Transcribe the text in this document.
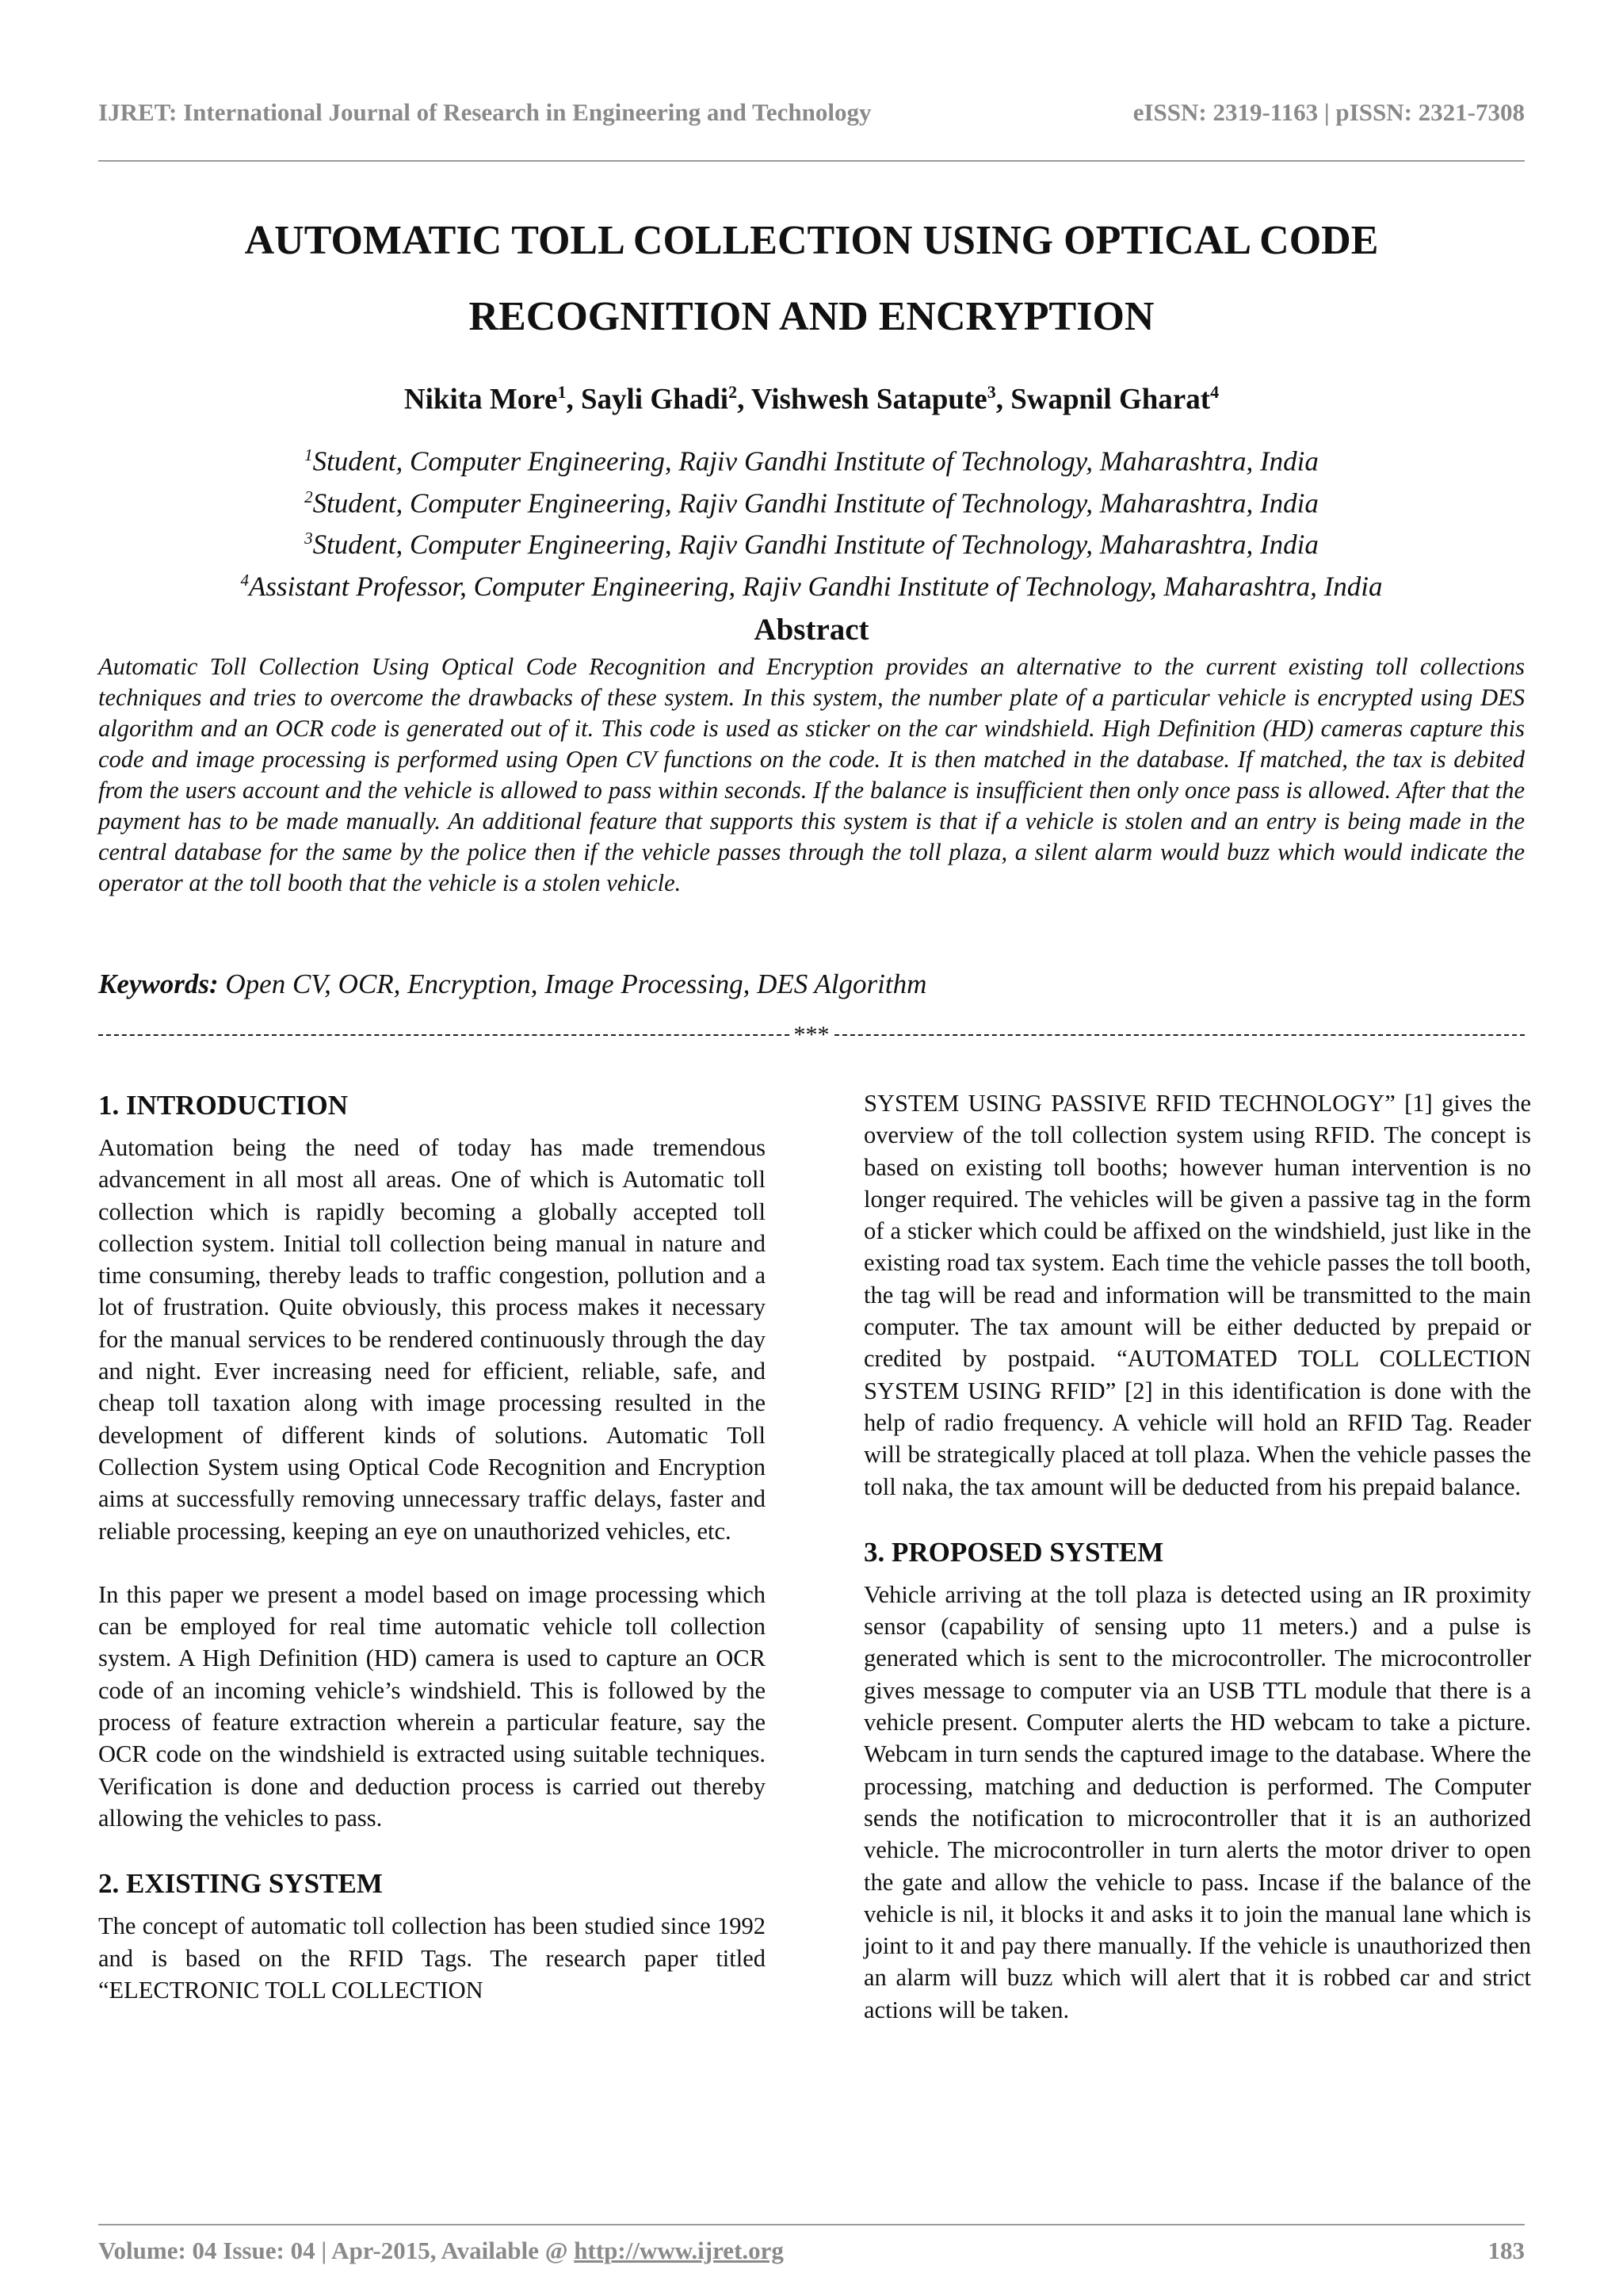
IJRET: International Journal of Research in Engineering and Technology	eISSN: 2319-1163 | pISSN: 2321-7308
AUTOMATIC TOLL COLLECTION USING OPTICAL CODE
RECOGNITION AND ENCRYPTION
Nikita More$^1$, Sayli Ghadi$^2$, Vishwesh Satapute$^3$, Swapnil Gharat$^4$
$^1$Student, Computer Engineering, Rajiv Gandhi Institute of Technology, Maharashtra, India
$^2$Student, Computer Engineering, Rajiv Gandhi Institute of Technology, Maharashtra, India
$^3$Student, Computer Engineering, Rajiv Gandhi Institute of Technology, Maharashtra, India
$^4$Assistant Professor, Computer Engineering, Rajiv Gandhi Institute of Technology, Maharashtra, India
Abstract

Automatic Toll Collection Using Optical Code Recognition and Encryption provides an alternative to the current existing toll collections techniques and tries to overcome the drawbacks of these system. In this system, the number plate of a particular vehicle is encrypted using DES algorithm and an OCR code is generated out of it. This code is used as sticker on the car windshield. High Definition (HD) cameras capture this code and image processing is performed using Open CV functions on the code. It is then matched in the database. If matched, the tax is debited from the users account and the vehicle is allowed to pass within seconds. If the balance is insufficient then only once pass is allowed. After that the payment has to be made manually. An additional feature that supports this system is that if a vehicle is stolen and an entry is being made in the central database for the same by the police then if the vehicle passes through the toll plaza, a silent alarm would buzz which would indicate the operator at the toll booth that the vehicle is a stolen vehicle.

Keywords: Open CV, OCR, Encryption, Image Processing, DES Algorithm
***
1. INTRODUCTION

Automation being the need of today has made tremendous advancement in all most all areas. One of which is Automatic toll collection which is rapidly becoming a globally accepted toll collection system. Initial toll collection being manual in nature and time consuming, thereby leads to traffic congestion, pollution and a lot of frustration. Quite obviously, this process makes it necessary for the manual services to be rendered continuously through the day and night. Ever increasing need for efficient, reliable, safe, and cheap toll taxation along with image processing resulted in the development of different kinds of solutions. Automatic Toll Collection System using Optical Code Recognition and Encryption aims at successfully removing unnecessary traffic delays, faster and reliable processing, keeping an eye on unauthorized vehicles, etc.

In this paper we present a model based on image processing which can be employed for real time automatic vehicle toll collection system. A High Definition (HD) camera is used to capture an OCR code of an incoming vehicle’s windshield. This is followed by the process of feature extraction wherein a particular feature, say the OCR code on the windshield is extracted using suitable techniques. Verification is done and deduction process is carried out thereby allowing the vehicles to pass.

2. EXISTING SYSTEM

The concept of automatic toll collection has been studied since 1992 and is based on the RFID Tags. The research paper titled “ELECTRONIC TOLL COLLECTION

SYSTEM USING PASSIVE RFID TECHNOLOGY” [1] gives the overview of the toll collection system using RFID. The concept is based on existing toll booths; however human intervention is no longer required. The vehicles will be given a passive tag in the form of a sticker which could be affixed on the windshield, just like in the existing road tax system. Each time the vehicle passes the toll booth, the tag will be read and information will be transmitted to the main computer. The tax amount will be either deducted by prepaid or credited by postpaid. “AUTOMATED TOLL COLLECTION SYSTEM USING RFID” [2] in this identification is done with the help of radio frequency. A vehicle will hold an RFID Tag. Reader will be strategically placed at toll plaza. When the vehicle passes the toll naka, the tax amount will be deducted from his prepaid balance.

3. PROPOSED SYSTEM

Vehicle arriving at the toll plaza is detected using an IR proximity sensor (capability of sensing upto 11 meters.) and a pulse is generated which is sent to the microcontroller. The microcontroller gives message to computer via an USB TTL module that there is a vehicle present. Computer alerts the HD webcam to take a picture. Webcam in turn sends the captured image to the database. Where the processing, matching and deduction is performed. The Computer sends the notification to microcontroller that it is an authorized vehicle. The microcontroller in turn alerts the motor driver to open the gate and allow the vehicle to pass. Incase if the balance of the vehicle is nil, it blocks it and asks it to join the manual lane which is joint to it and pay there manually. If the vehicle is unauthorized then an alarm will buzz which will alert that it is robbed car and strict actions will be taken.

Volume: 04 Issue: 04 | Apr-2015, Available @ http://www.ijret.org	183
